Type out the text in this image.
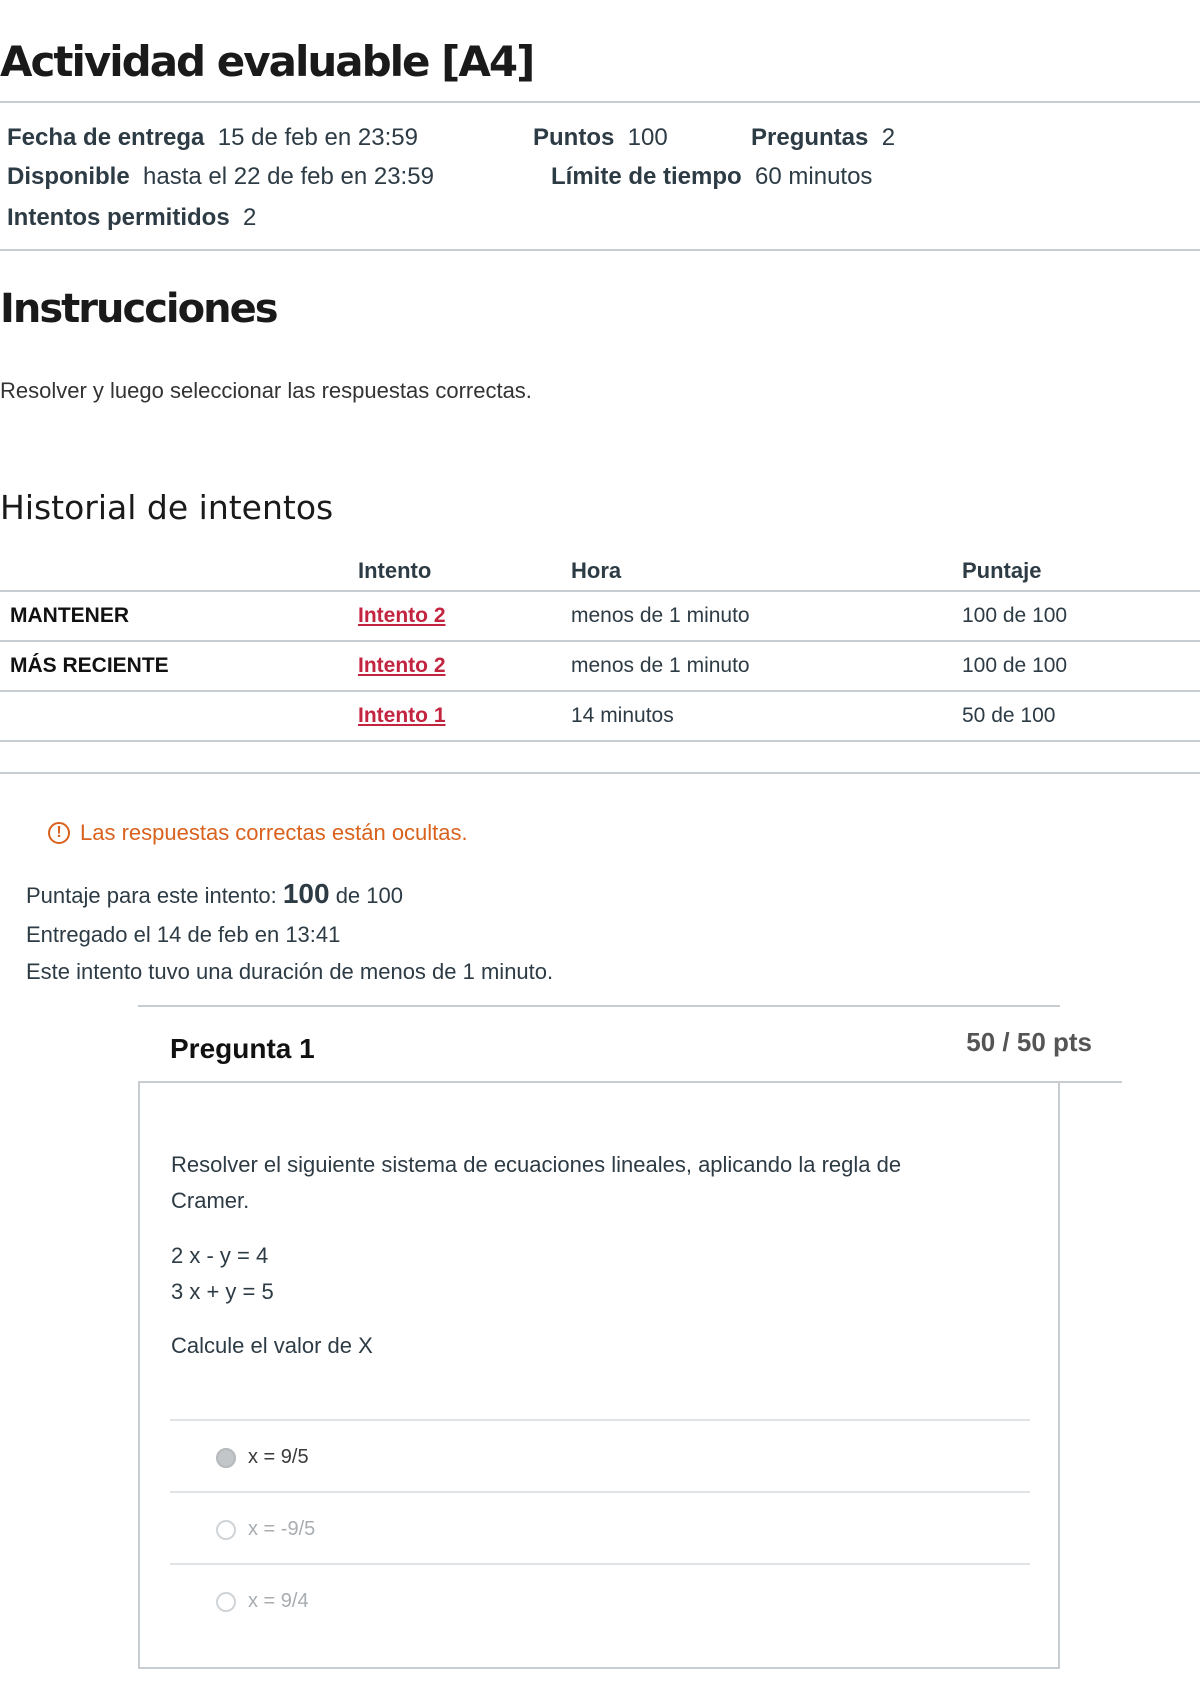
Actividad evaluable [A4]
Fecha de entrega 15 de feb en 23:59	Puntos 100	Preguntas 2
Disponible hasta el 22 de feb en 23:59	Límite de tiempo 60 minutos
Intentos permitidos 2
Instrucciones
Resolver y luego seleccionar las respuestas correctas.
Historial de intentos
	Intento	Hora	Puntaje
MANTENER	Intento 2	menos de 1 minuto	100 de 100
MÁS RECIENTE	Intento 2	menos de 1 minuto	100 de 100
	Intento 1	14 minutos	50 de 100
! Las respuestas correctas están ocultas.
Puntaje para este intento: 100 de 100
Entregado el 14 de feb en 13:41
Este intento tuvo una duración de menos de 1 minuto.
Pregunta 1	50 / 50 pts
Resolver el siguiente sistema de ecuaciones lineales, aplicando la regla de
Cramer.
2 x - y = 4
3 x + y = 5
Calcule el valor de X
x = 9/5
x = -9/5
x = 9/4
